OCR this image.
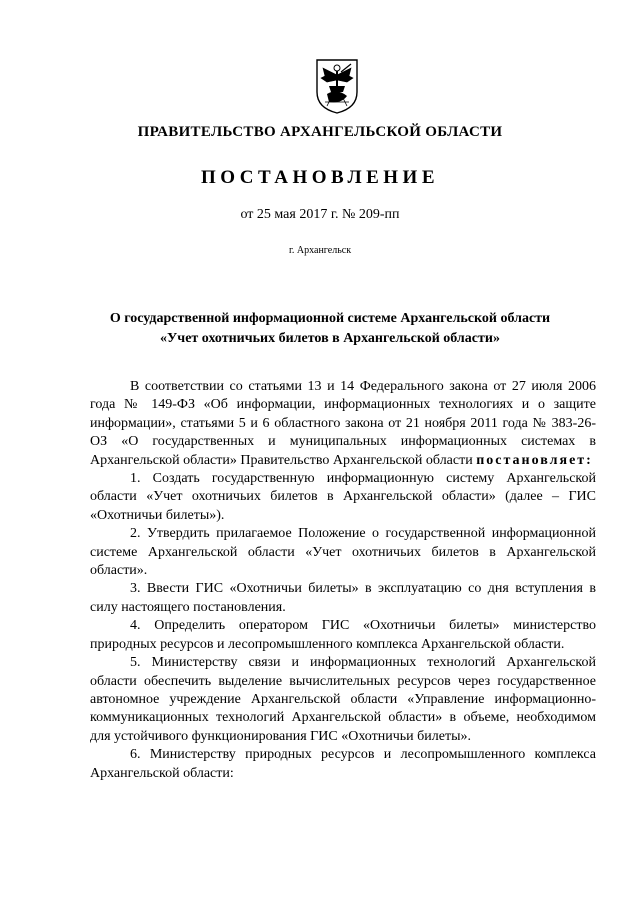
ПРАВИТЕЛЬСТВО АРХАНГЕЛЬСКОЙ ОБЛАСТИ
ПОСТАНОВЛЕНИЕ
от 25 мая 2017 г. № 209-пп
г. Архангельск
О государственной информационной системе Архангельской области
«Учет охотничьих билетов в Архангельской области»

В соответствии со статьями 13 и 14 Федерального закона от 27 июля 2006 года № 149-ФЗ «Об информации, информационных технологиях и о защите информации», статьями 5 и 6 областного закона от 21 ноября 2011 года № 383-26-ОЗ «О государственных и муниципальных информационных системах в Архангельской области» Правительство Архангельской области постановляет:

1. Создать государственную информационную систему Архангельской области «Учет охотничьих билетов в Архангельской области» (далее – ГИС «Охотничьи билеты»).

2. Утвердить прилагаемое Положение о государственной информационной системе Архангельской области «Учет охотничьих билетов в Архангельской области».

3. Ввести ГИС «Охотничьи билеты» в эксплуатацию со дня вступления в силу настоящего постановления.

4. Определить оператором ГИС «Охотничьи билеты» министерство природных ресурсов и лесопромышленного комплекса Архангельской области.

5. Министерству связи и информационных технологий Архангельской области обеспечить выделение вычислительных ресурсов через государственное автономное учреждение Архангельской области «Управление информационно-коммуникационных технологий Архангельской области» в объеме, необходимом для устойчивого функционирования ГИС «Охотничьи билеты».

6. Министерству природных ресурсов и лесопромышленного комплекса Архангельской области:
